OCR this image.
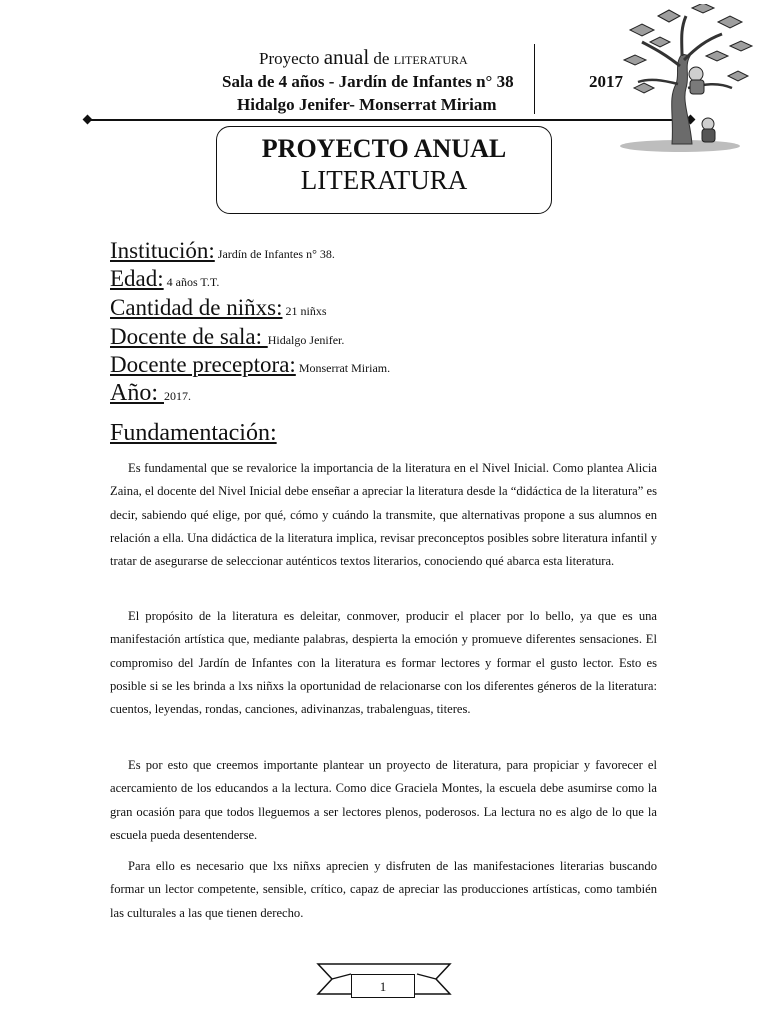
Proyecto anual de LITERATURA
Sala de 4 años - Jardín de Infantes n° 38	2017
Hidalgo Jenifer- Monserrat Miriam
PROYECTO ANUAL
LITERATURA
Institución: Jardín de Infantes n° 38.
Edad: 4 años T.T.
Cantidad de niñxs: 21 niñxs
Docente de sala: Hidalgo Jenifer.
Docente preceptora: Monserrat Miriam.
Año: 2017.
Fundamentación:
Es fundamental que se revalorice la importancia de la literatura en el Nivel Inicial. Como plantea Alicia Zaina, el docente del Nivel Inicial debe enseñar a apreciar la literatura desde la “didáctica de la literatura” es decir, sabiendo qué elige, por qué, cómo y cuándo la transmite, que alternativas propone a sus alumnos en relación a ella. Una didáctica de la literatura implica, revisar preconceptos posibles sobre literatura infantil y tratar de asegurarse de seleccionar auténticos textos literarios, conociendo qué abarca esta literatura.
El propósito de la literatura es deleitar, conmover, producir el placer por lo bello, ya que es una manifestación artística que, mediante palabras, despierta la emoción y promueve diferentes sensaciones. El compromiso del Jardín de Infantes con la literatura es formar lectores y formar el gusto lector. Esto es posible si se les brinda a lxs niñxs la oportunidad de relacionarse con los diferentes géneros de la literatura: cuentos, leyendas, rondas, canciones, adivinanzas, trabalenguas, titeres.
Es por esto que creemos importante plantear un proyecto de literatura, para propiciar y favorecer el acercamiento de los educandos a la lectura. Como dice Graciela Montes, la escuela debe asumirse como la gran ocasión para que todos lleguemos a ser lectores plenos, poderosos. La lectura no es algo de lo que la escuela pueda desentenderse.
Para ello es necesario que lxs niñxs aprecien y disfruten de las manifestaciones literarias buscando formar un lector competente, sensible, crítico, capaz de apreciar las producciones artísticas, como también las culturales a las que tienen derecho.
1
